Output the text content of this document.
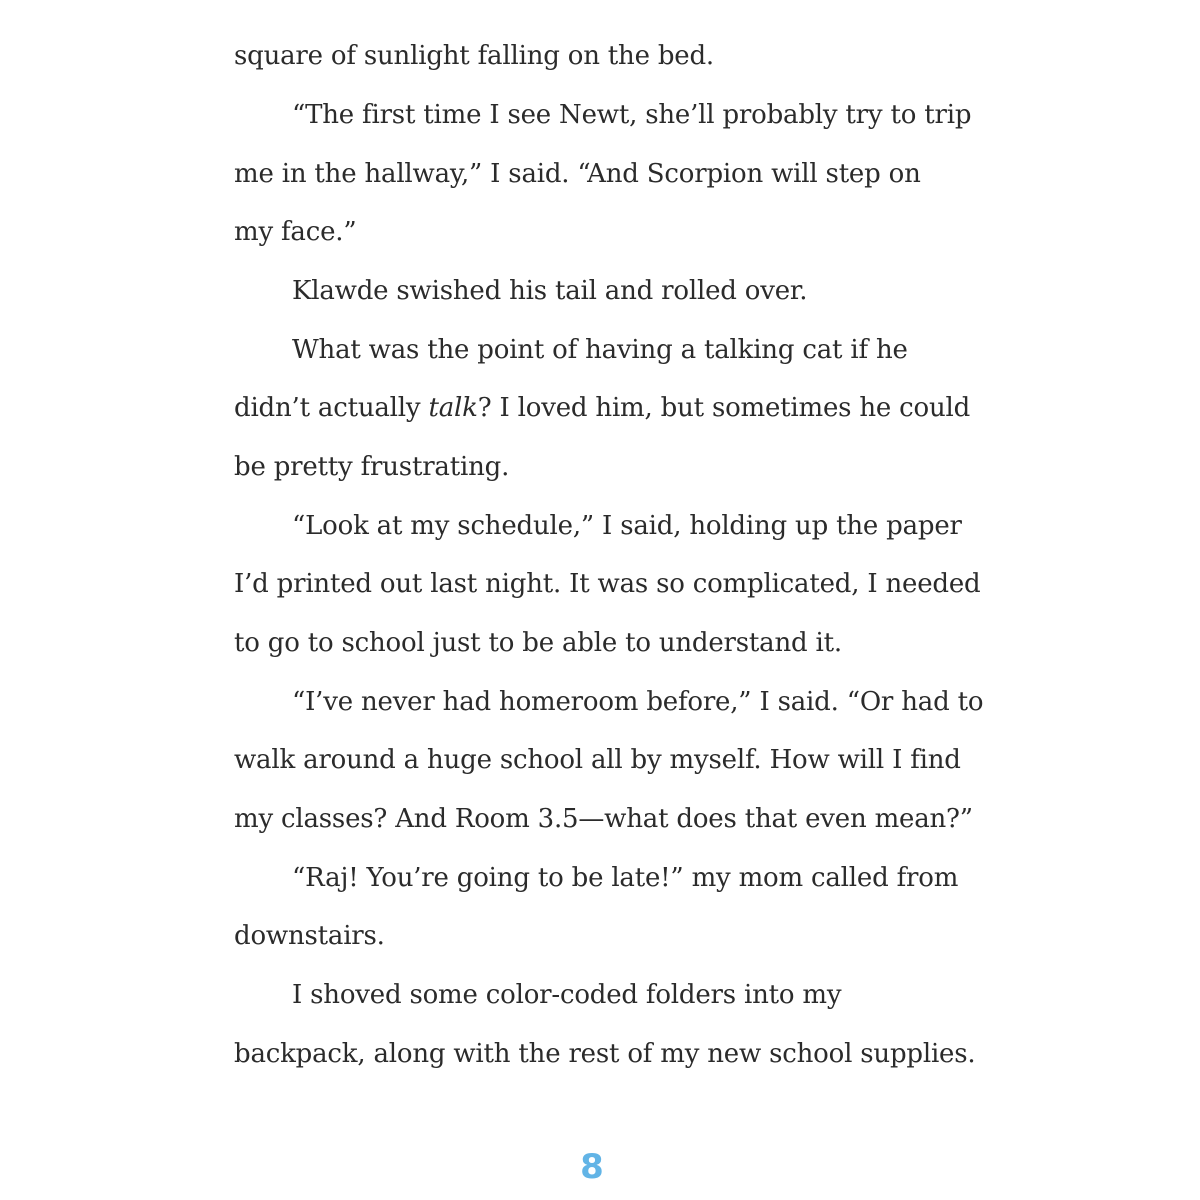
square of sunlight falling on the bed.
“The first time I see Newt, she’ll probably try to trip
me in the hallway,” I said. “And Scorpion will step on
my face.”
Klawde swished his tail and rolled over.
What was the point of having a talking cat if he
didn’t actually talk? I loved him, but sometimes he could
be pretty frustrating.
“Look at my schedule,” I said, holding up the paper
I’d printed out last night. It was so complicated, I needed
to go to school just to be able to understand it.
“I’ve never had homeroom before,” I said. “Or had to
walk around a huge school all by myself. How will I find
my classes? And Room 3.5—what does that even mean?”
“Raj! You’re going to be late!” my mom called from
downstairs.
I shoved some color-coded folders into my
backpack, along with the rest of my new school supplies.
8
